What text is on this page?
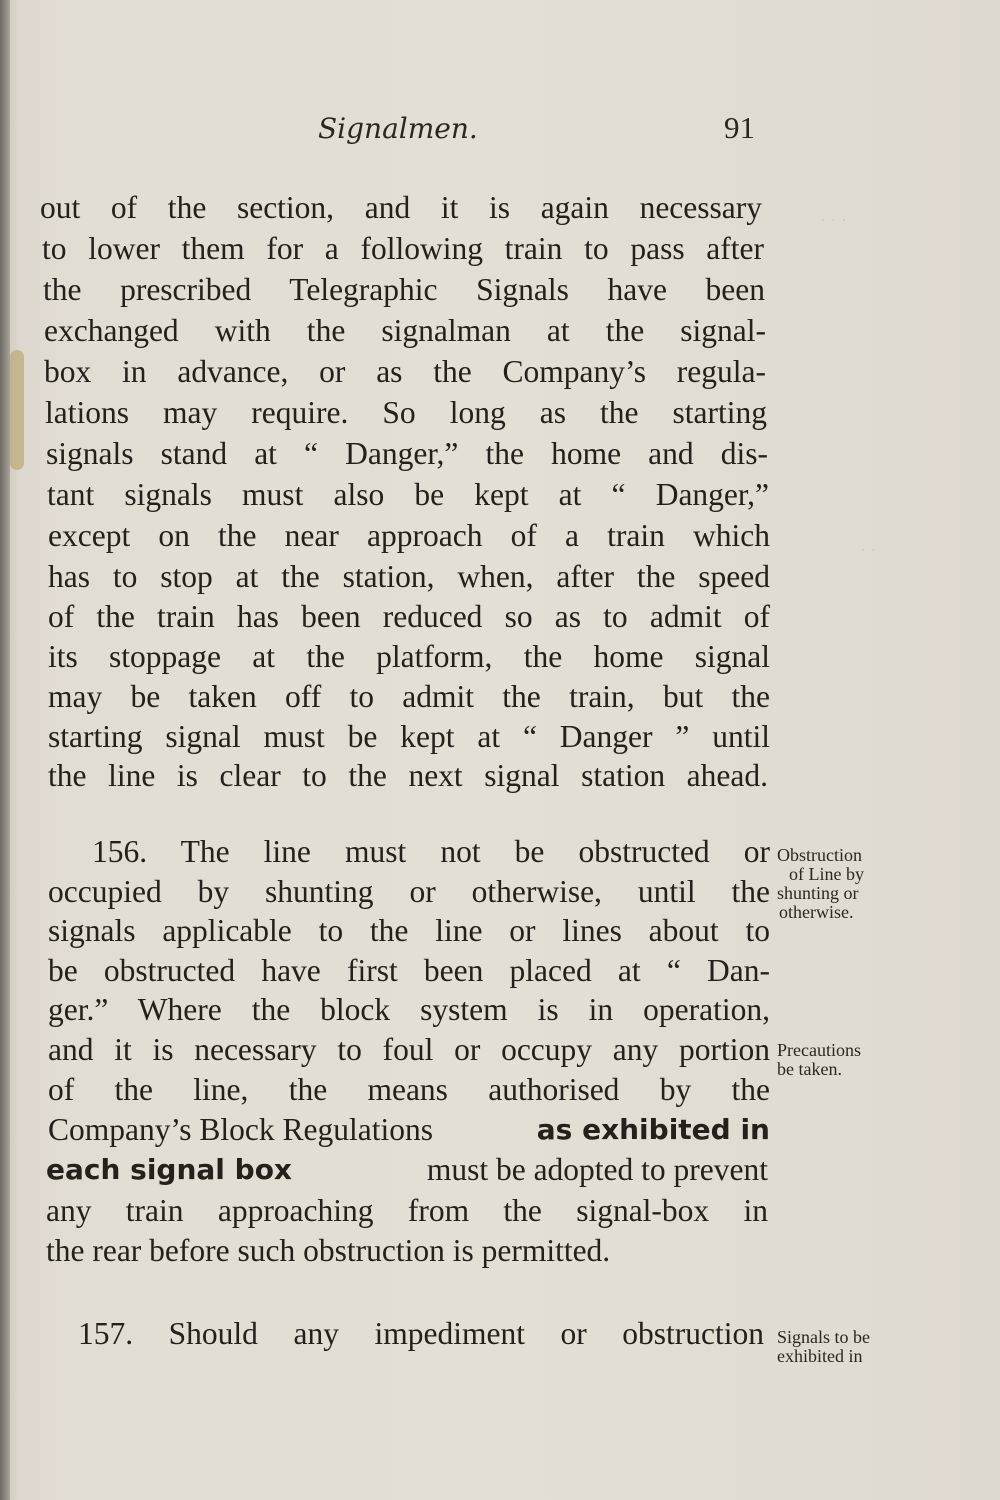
· · ·
· ·
Signalmen.	91
out of the section, and it is again necessary
to lower them for a following train to pass after
the prescribed Telegraphic Signals have been
exchanged with the signalman at the signal-
box in advance, or as the Company’s regula-
lations may require. So long as the starting
signals stand at “ Danger,” the home and dis-
tant signals must also be kept at “ Danger,”
except on the near approach of a train which
has to stop at the station, when, after the speed
of the train has been reduced so as to admit of
its stoppage at the platform, the home signal
may be taken off to admit the train, but the
starting signal must be kept at “ Danger ” until
the line is clear to the next signal station ahead.
156. The line must not be obstructed or
occupied by shunting or otherwise, until the
signals applicable to the line or lines about to
be obstructed have first been placed at “ Dan-
ger.” Where the block system is in operation,
and it is necessary to foul or occupy any portion
of the line, the means authorised by the
Company’s Block Regulations	as exhibited in
each signal box	must be adopted to prevent
any train approaching from the signal-box in
the rear before such obstruction is permitted.
157. Should any impediment or obstruction
Obstruction
of Line by
shunting or
otherwise.
Precautions
be taken.
Signals to be
exhibited in
